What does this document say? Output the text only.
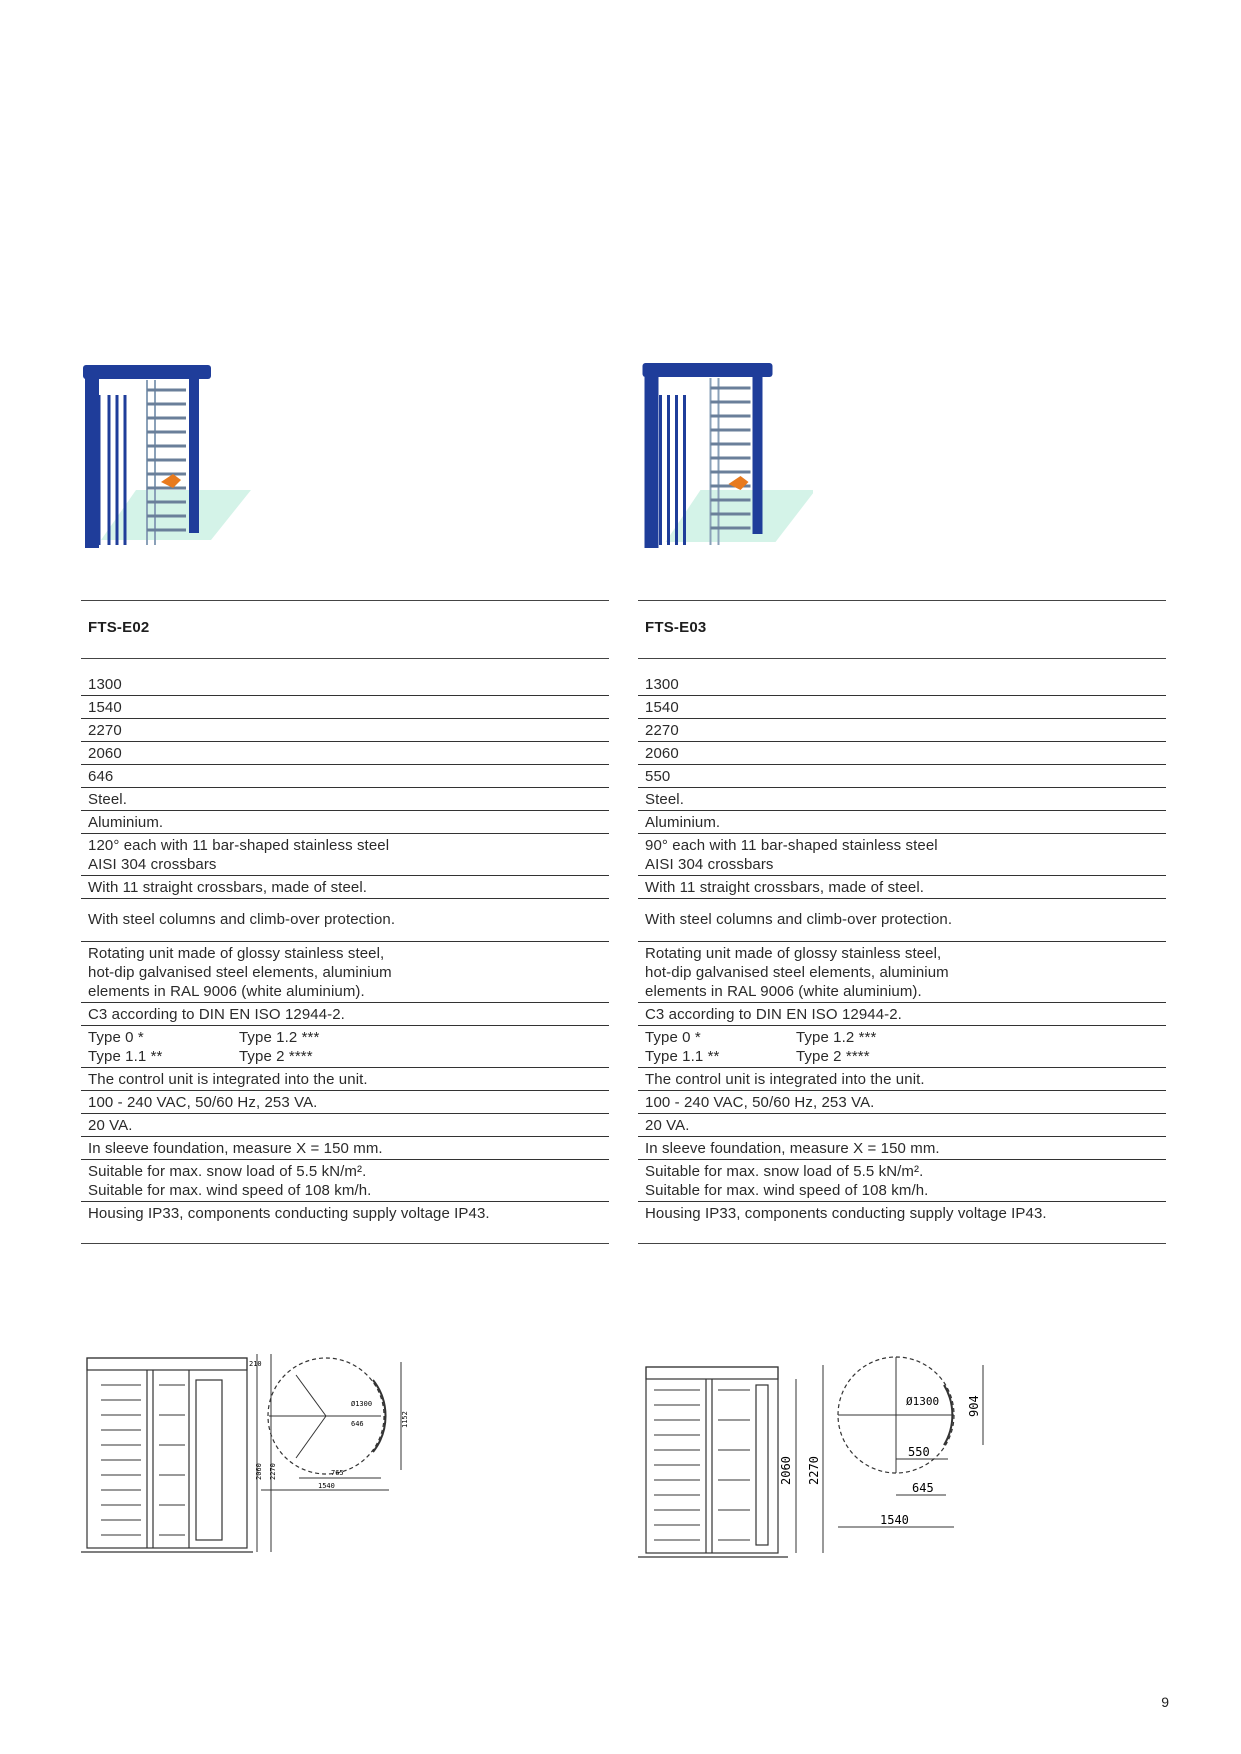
FTS-E02
1300
1540
2270
2060
646
Steel.
Aluminium.
120° each with 11 bar-shaped stainless steel
AISI 304 crossbars
With 11 straight crossbars, made of steel.
With steel columns and climb-over protection.
Rotating unit made of glossy stainless steel,
hot-dip galvanised steel elements, aluminium
elements in RAL 9006 (white aluminium).
C3 according to DIN EN ISO 12944-2.
Type 0 *	Type 1.2 ***
Type 1.1 **	Type 2 ****
The control unit is integrated into the unit.
100 - 240 VAC, 50/60 Hz, 253 VA.
20 VA.
In sleeve foundation, measure X = 150 mm.
Suitable for max. snow load of 5.5 kN/m².
Suitable for max. wind speed of 108 km/h.
Housing IP33, components conducting supply voltage IP43.
210
2060 2270
Ø1300
646	1152
765
1540
FTS-E03
1300
1540
2270
2060
550
Steel.
Aluminium.
90° each with 11 bar-shaped stainless steel
AISI 304 crossbars
With 11 straight crossbars, made of steel.
With steel columns and climb-over protection.
Rotating unit made of glossy stainless steel,
hot-dip galvanised steel elements, aluminium
elements in RAL 9006 (white aluminium).
C3 according to DIN EN ISO 12944-2.
Type 0 *	Type 1.2 ***
Type 1.1 **	Type 2 ****
The control unit is integrated into the unit.
100 - 240 VAC, 50/60 Hz, 253 VA.
20 VA.
In sleeve foundation, measure X = 150 mm.
Suitable for max. snow load of 5.5 kN/m².
Suitable for max. wind speed of 108 km/h.
Housing IP33, components conducting supply voltage IP43.
2060 2270
Ø1300 904
550
645
1540
9
